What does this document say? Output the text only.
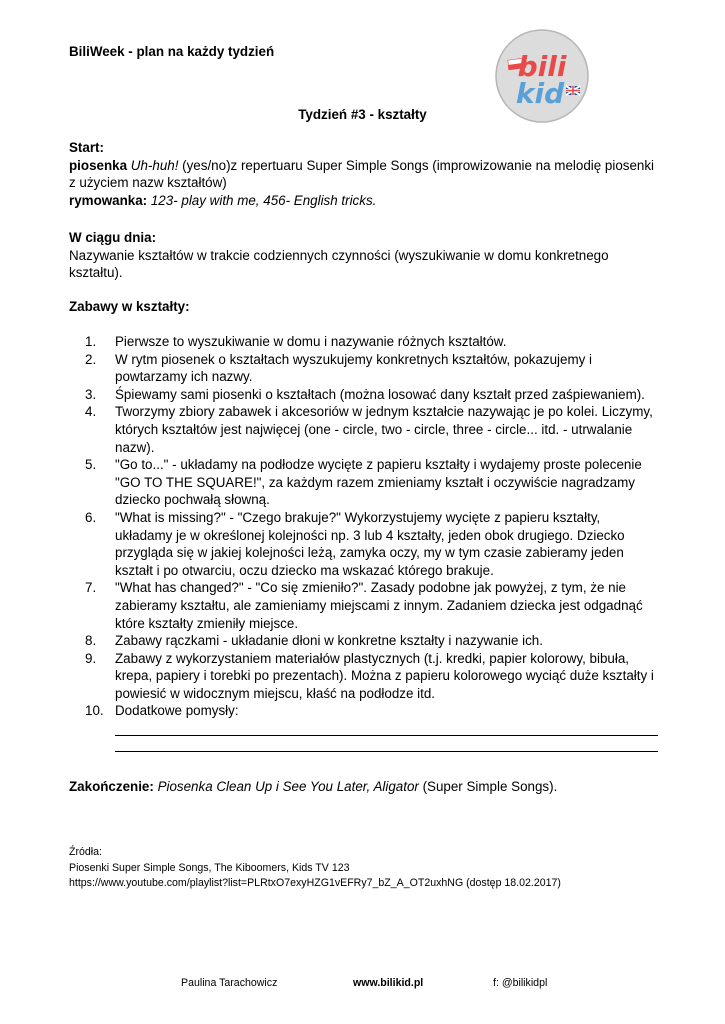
BiliWeek - plan na każdy tydzień	bili
kid
Tydzień #3 - kształty
Start:
piosenka Uh-huh! (yes/no)z repertuaru Super Simple Songs (improwizowanie na melodię piosenki z użyciem nazw kształtów)
rymowanka: 123- play with me, 456- English tricks.
W ciągu dnia:
Nazywanie kształtów w trakcie codziennych czynności (wyszukiwanie w domu konkretnego kształtu).
Zabawy w kształty:
1. Pierwsze to wyszukiwanie w domu i nazywanie różnych kształtów.
2. W rytm piosenek o kształtach wyszukujemy konkretnych kształtów, pokazujemy i powtarzamy ich nazwy.
3. Śpiewamy sami piosenki o kształtach (można losować dany kształt przed zaśpiewaniem).
4. Tworzymy zbiory zabawek i akcesoriów w jednym kształcie nazywając je po kolei. Liczymy, których kształtów jest najwięcej (one - circle, two - circle, three - circle... itd. - utrwalanie nazw).
5. "Go to..." - układamy na podłodze wycięte z papieru kształty i wydajemy proste polecenie "GO TO THE SQUARE!", za każdym razem zmieniamy kształt i oczywiście nagradzamy dziecko pochwałą słowną.
6. "What is missing?" - "Czego brakuje?" Wykorzystujemy wycięte z papieru kształty, układamy je w określonej kolejności np. 3 lub 4 kształty, jeden obok drugiego. Dziecko przygląda się w jakiej kolejności leżą, zamyka oczy, my w tym czasie zabieramy jeden kształt i po otwarciu, oczu dziecko ma wskazać którego brakuje.
7. "What has changed?" - "Co się zmieniło?". Zasady podobne jak powyżej, z tym, że nie zabieramy kształtu, ale zamieniamy miejscami z innym. Zadaniem dziecka jest odgadnąć które kształty zmieniły miejsce.
8. Zabawy rączkami - układanie dłoni w konkretne kształty i nazywanie ich.
9. Zabawy z wykorzystaniem materiałów plastycznych (t.j. kredki, papier kolorowy, bibuła, krepa, papiery i torebki po prezentach). Można z papieru kolorowego wyciąć duże kształty i powiesić w widocznym miejscu, kłaść na podłodze itd.
10. Dodatkowe pomysły:
Zakończenie: Piosenka Clean Up i See You Later, Aligator (Super Simple Songs).
Źródła:
Piosenki Super Simple Songs, The Kiboomers, Kids TV 123
https://www.youtube.com/playlist?list=PLRtxO7exyHZG1vEFRy7_bZ_A_OT2uxhNG (dostęp 18.02.2017)
Paulina Tarachowicz	www.bilikid.pl	f: @bilikidpl
